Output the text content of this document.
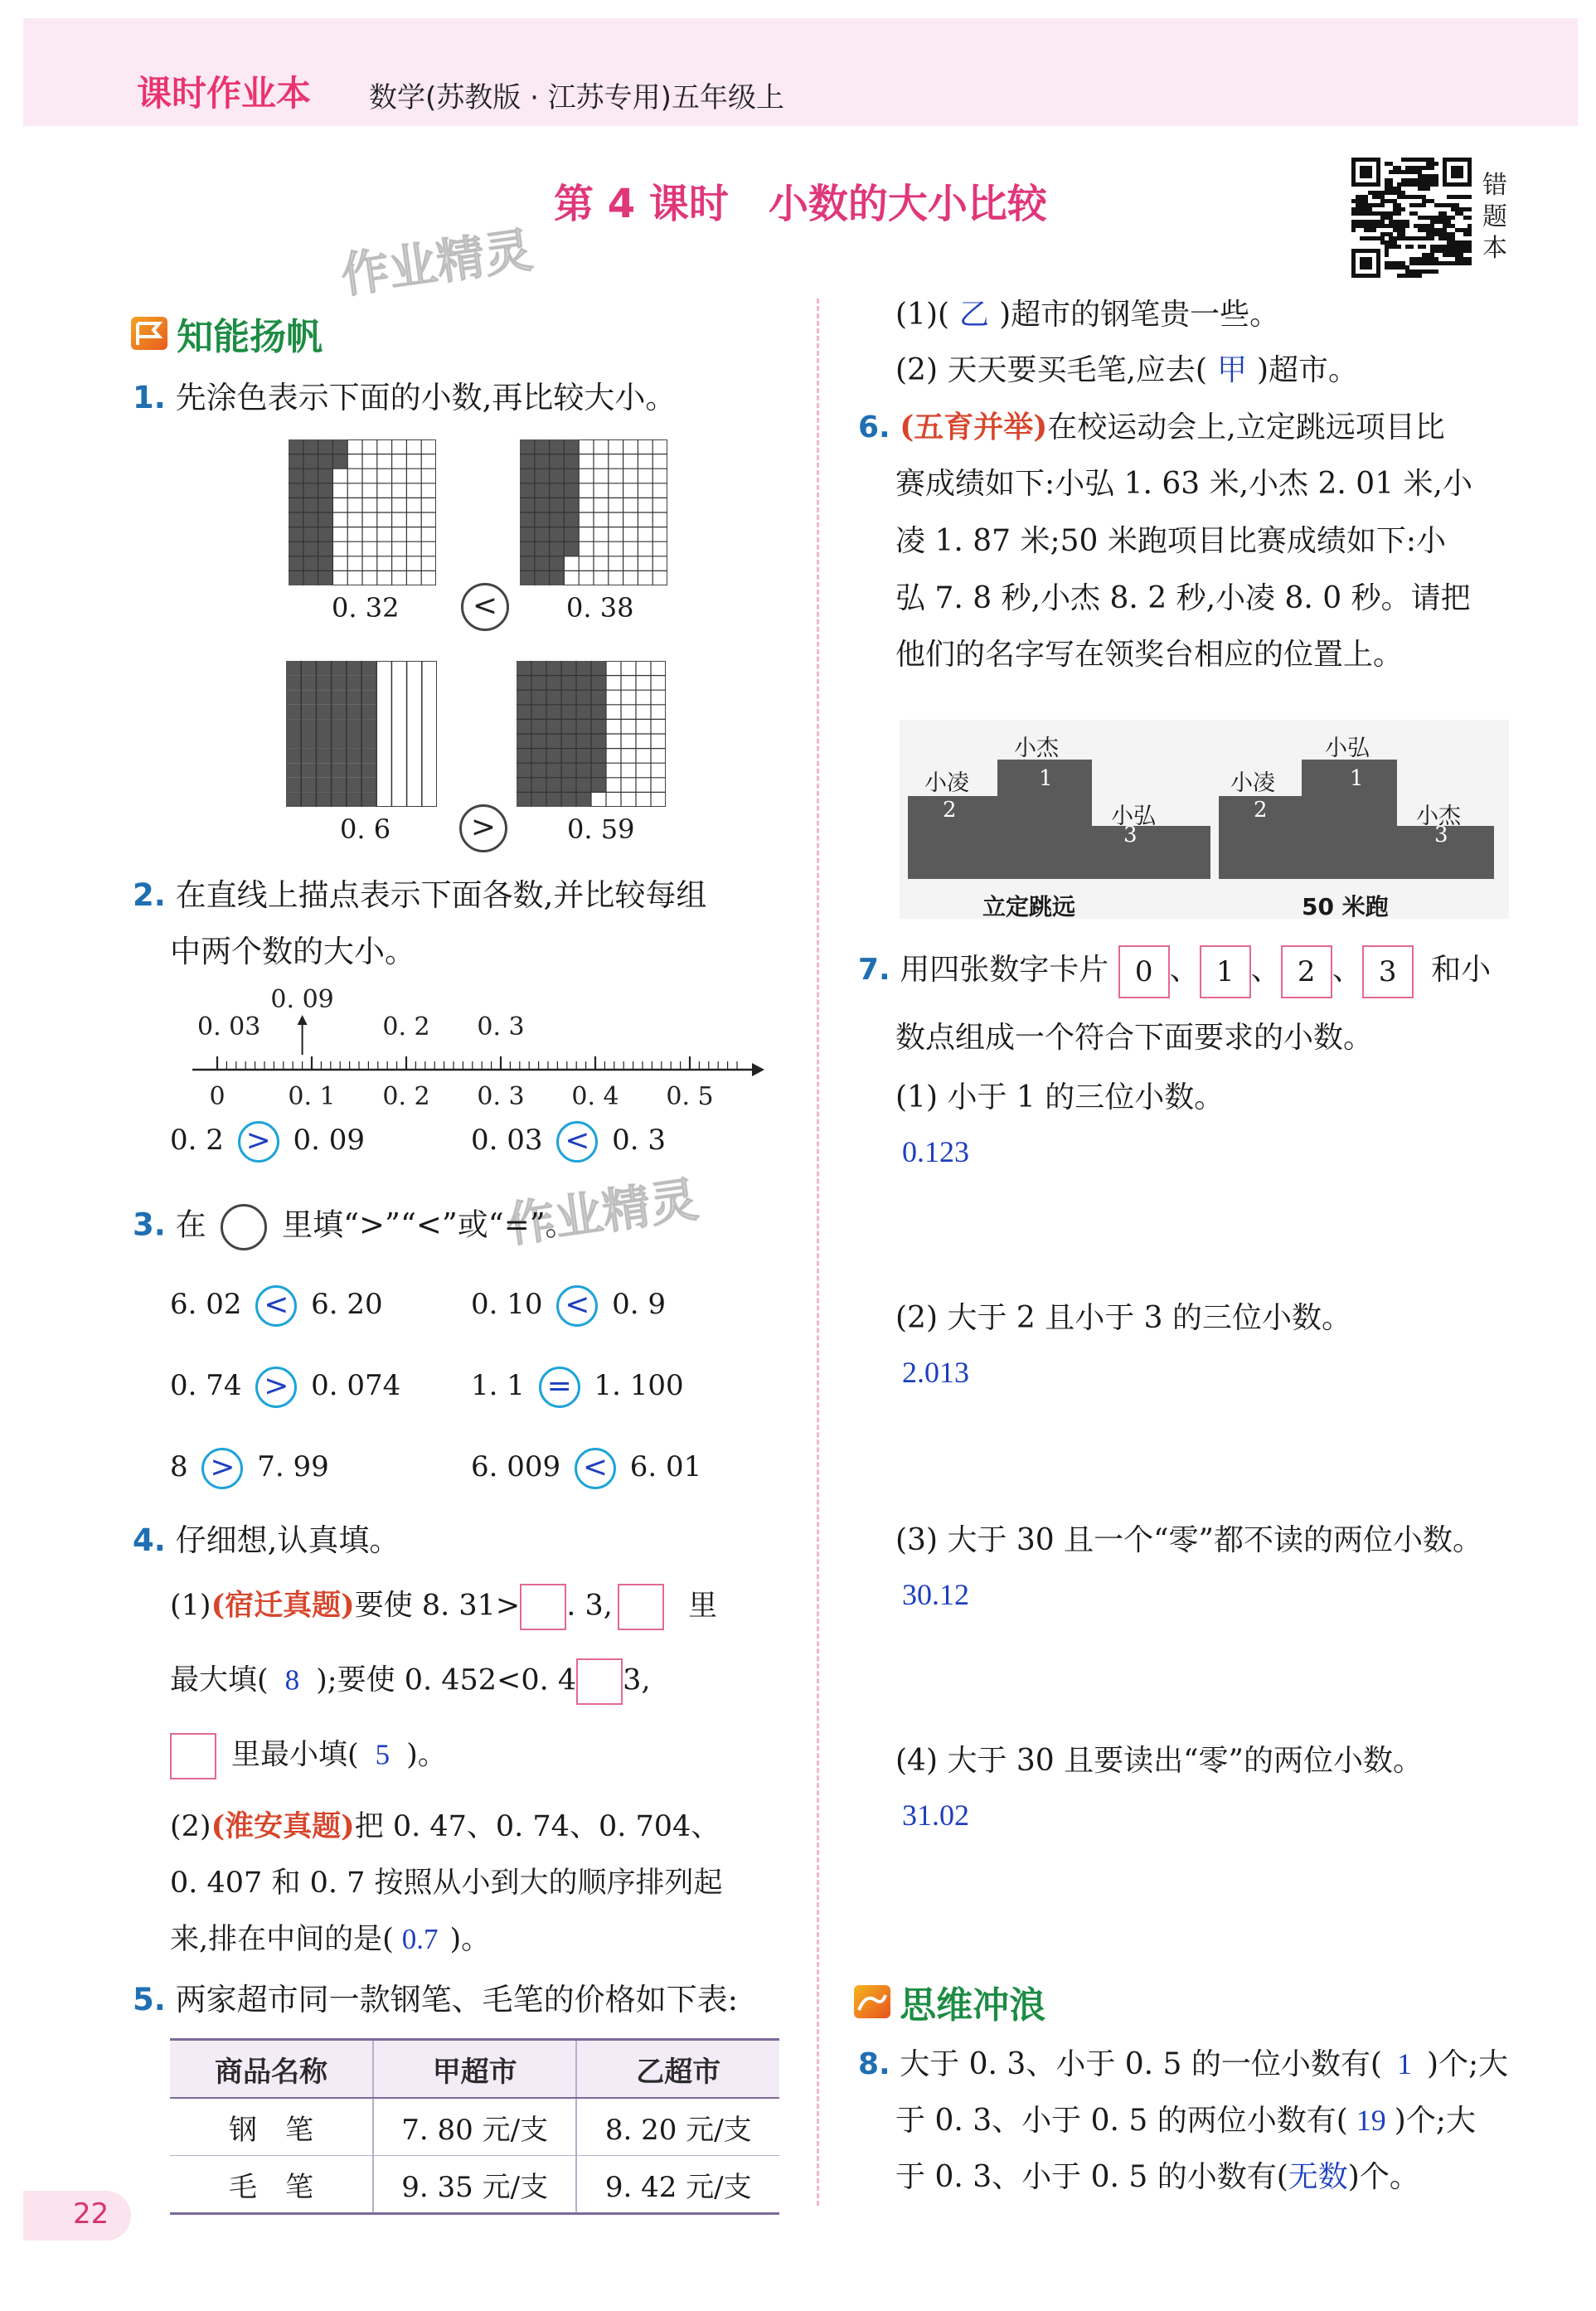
课时作业本 数学(苏教版 · 江苏专用)五年级上
第 4 课时　小数的大小比较	错
题
本
作业精灵
作业精灵
知能扬帆
1. 先涂色表示下面的小数,再比较大小。
0. 32	0. 38
0. 6	0. 59
<
>
2. 在直线上描点表示下面各数,并比较每组
中两个数的大小。
0	0. 1 0. 2 0. 3 0. 4 0. 5
0. 03
0. 09
0. 2 0. 3
0. 2 > 0. 09	0. 03 < 0. 3
3. 在 里填“>”“<”或“=”。
6. 02 < 6. 20	0. 10 < 0. 9
0. 74 > 0. 074 1. 1 = 1. 100
8 > 7. 99	6. 009 < 6. 01
4. 仔细想,认真填。
(1)(宿迁真题)要使 8. 31> . 3,	里
最大填( 8 );要使 0. 452<0. 4 3,
里最小填( 5 )。
(2)(淮安真题)把 0. 47、0. 74、0. 704、
0. 407 和 0. 7 按照从小到大的顺序排列起
来,排在中间的是( 0.7 )。
5. 两家超市同一款钢笔、毛笔的价格如下表:
商品名称	甲超市	乙超市
钢　笔	7. 80 元/支	8. 20 元/支
毛　笔	9. 35 元/支	9. 42 元/支
(1)( 乙 )超市的钢笔贵一些。
(2) 天天要买毛笔,应去( 甲 )超市。
6. (五育并举)在校运动会上,立定跳远项目比
赛成绩如下:小弘 1. 63 米,小杰 2. 01 米,小
凌 1. 87 米;50 米跑项目比赛成绩如下:小
弘 7. 8 秒,小杰 8. 2 秒,小凌 8. 0 秒。请把
他们的名字写在领奖台相应的位置上。
小杰
小凌
小弘
1
2
3
立定跳远
小弘
小凌
小杰
1
2
3
50 米跑
7. 用四张数字卡片 0 、 1 、 2 、 3 和小
数点组成一个符合下面要求的小数。
(1) 小于 1 的三位小数。
0.123
(2) 大于 2 且小于 3 的三位小数。
2.013
(3) 大于 30 且一个“零”都不读的两位小数。
30.12
(4) 大于 30 且要读出“零”的两位小数。
31.02
思维冲浪
8. 大于 0. 3、小于 0. 5 的一位小数有( 1 )个;大
于 0. 3、小于 0. 5 的两位小数有( 19 )个;大
于 0. 3、小于 0. 5 的小数有(无数)个。
22
